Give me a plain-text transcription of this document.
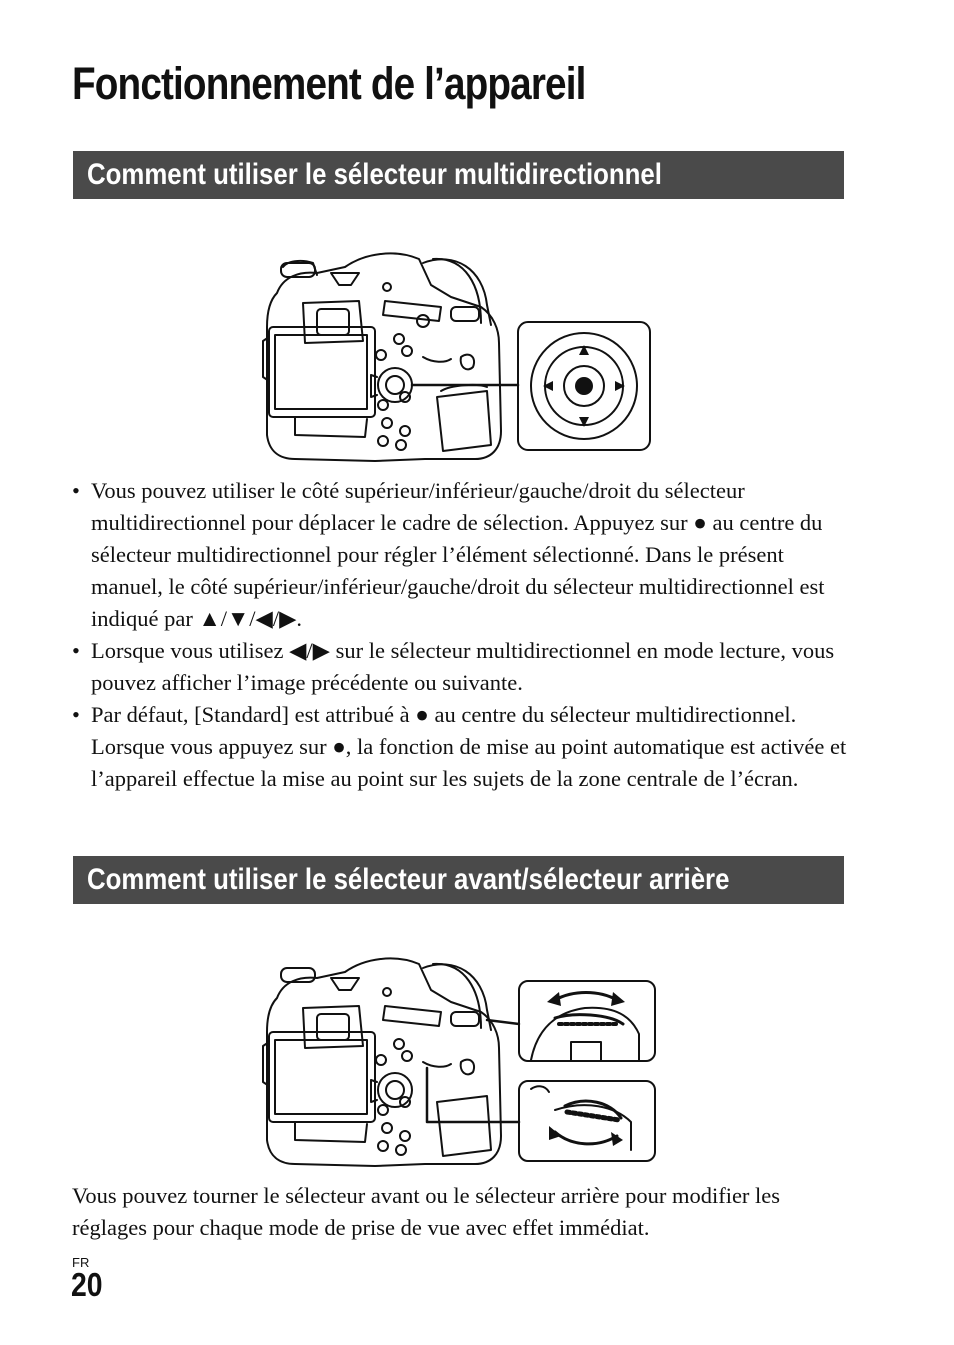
Fonctionnement de l’appareil
Comment utiliser le sélecteur multidirectionnel
• Vous pouvez utiliser le côté supérieur/inférieur/gauche/droit du sélecteur multidirectionnel pour déplacer le cadre de sélection. Appuyez sur ● au centre du sélecteur multidirectionnel pour régler l’élément sélectionné. Dans le présent manuel, le côté supérieur/inférieur/gauche/droit du sélecteur multidirectionnel est indiqué par ▲/▼/◀/▶.
• Lorsque vous utilisez ◀/▶ sur le sélecteur multidirectionnel en mode lecture, vous pouvez afficher l’image précédente ou suivante.
• Par défaut, [Standard] est attribué à ● au centre du sélecteur multidirectionnel. Lorsque vous appuyez sur ●, la fonction de mise au point automatique est activée et l’appareil effectue la mise au point sur les sujets de la zone centrale de l’écran.
Comment utiliser le sélecteur avant/sélecteur arrière

Vous pouvez tourner le sélecteur avant ou le sélecteur arrière pour modifier les réglages pour chaque mode de prise de vue avec effet immédiat.

FR
20
